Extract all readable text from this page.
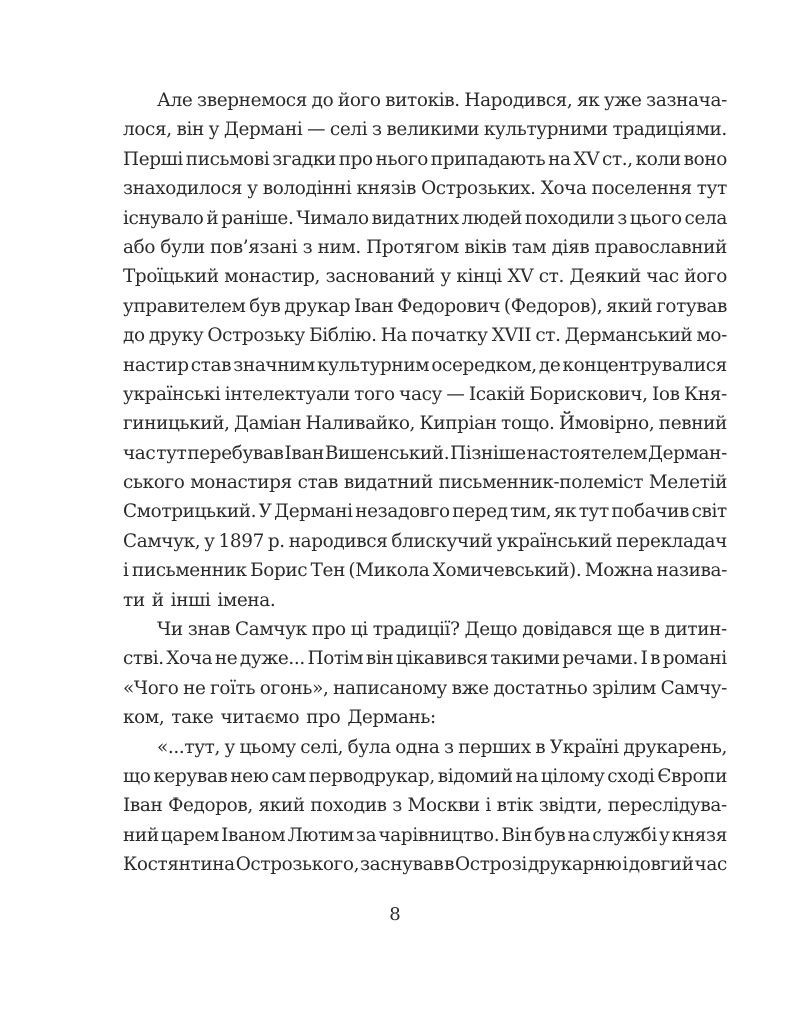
Але звернемося до його витоків. Народився, як уже зазнача-
лося, він у Дермані — селі з великими культурними традиціями.
Перші письмові згадки про нього припадають на XV ст., коли воно
знаходилося у володінні князів Острозьких. Хоча поселення тут
існувало й раніше. Чимало видатних людей походили з цього села
або були пов’язані з ним. Протягом віків там діяв православний
Троїцький монастир, заснований у кінці XV ст. Деякий час його
управителем був друкар Іван Федорович (Федоров), який готував
до друку Острозьку Біблію. На початку XVII ст. Дерманський мо-
настир став значним культурним осередком, де концентрувалися
українські інтелектуали того часу — Ісакій Борискович, Іов Кня-
гиницький, Даміан Наливайко, Кипріан тощо. Ймовірно, певний
час тут перебував Іван Вишенський. Пізніше настоятелем Дерман-
ського монастиря став видатний письменник-полеміст Мелетій
Смотрицький. У Дермані незадовго перед тим, як тут побачив світ
Самчук, у 1897 р. народився блискучий український перекладач
і письменник Борис Тен (Микола Хомичевський). Можна назива-
ти й інші імена.
Чи знав Самчук про ці традиції? Дещо довідався ще в дитин-
стві. Хоча не дуже... Потім він цікавився такими речами. І в романі
«Чого не гоїть огонь», написаному вже достатньо зрілим Самчу-
ком, таке читаємо про Дермань:
«...тут, у цьому селі, була одна з перших в Україні друкарень,
що керував нею сам перводрукар, відомий на цілому сході Європи
Іван Федоров, який походив з Москви і втік звідти, переслідува-
ний царем Іваном Лютим за чарівництво. Він був на службі у князя
Костянтина Острозького, заснував в Острозі друкарню і довгий час
8
